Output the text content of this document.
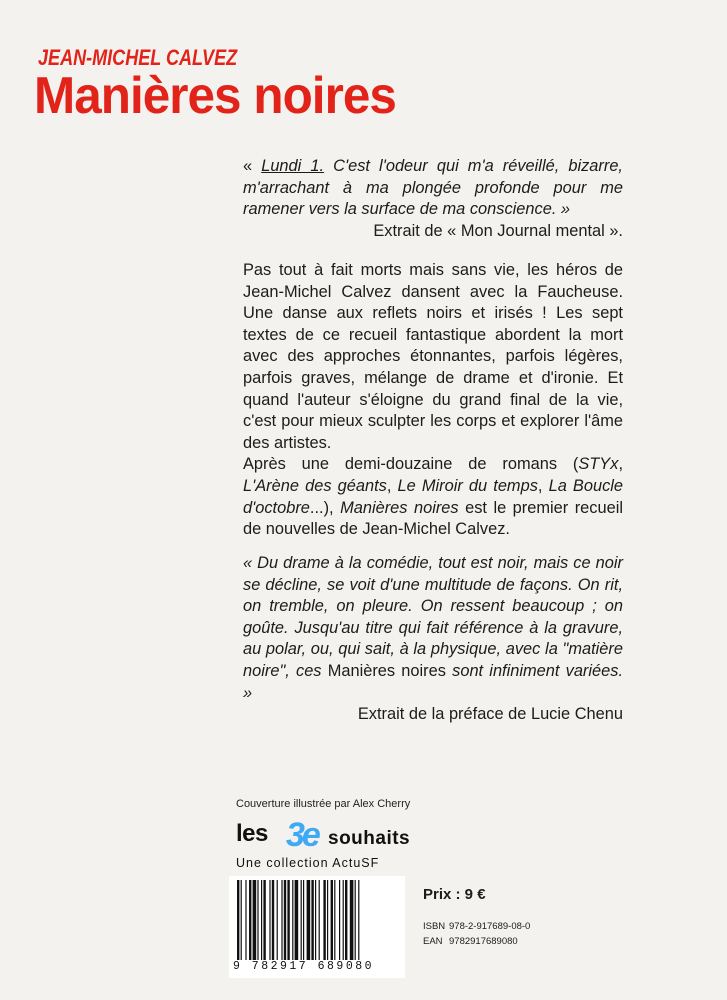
JEAN-MICHEL CALVEZ
Manières noires
« Lundi 1. C'est l'odeur qui m'a réveillé, bizarre, m'arrachant à ma plongée profonde pour me ramener vers la surface de ma conscience. »
Extrait de « Mon Journal mental ».
Pas tout à fait morts mais sans vie, les héros de Jean-Michel Calvez dansent avec la Faucheuse. Une danse aux reflets noirs et irisés ! Les sept textes de ce recueil fantastique abordent la mort avec des approches étonnantes, parfois légères, parfois graves, mélange de drame et d'ironie. Et quand l'auteur s'éloigne du grand final de la vie, c'est pour mieux sculpter les corps et explorer l'âme des artistes.
Après une demi-douzaine de romans (STYx, L'Arène des géants, Le Miroir du temps, La Boucle d'octobre...), Manières noires est le premier recueil de nouvelles de Jean-Michel Calvez.
« Du drame à la comédie, tout est noir, mais ce noir se décline, se voit d'une multitude de façons. On rit, on tremble, on pleure. On ressent beaucoup ; on goûte. Jusqu'au titre qui fait référence à la gravure, au polar, ou, qui sait, à la physique, avec la "matière noire", ces Manières noires sont infiniment variées. »
Extrait de la préface de Lucie Chenu
Couverture illustrée par Alex Cherry
les 3e souhaits
Une collection ActuSF
9 782917 689080
Prix : 9 €
ISBN 978-2-917689-08-0
EAN 9782917689080
